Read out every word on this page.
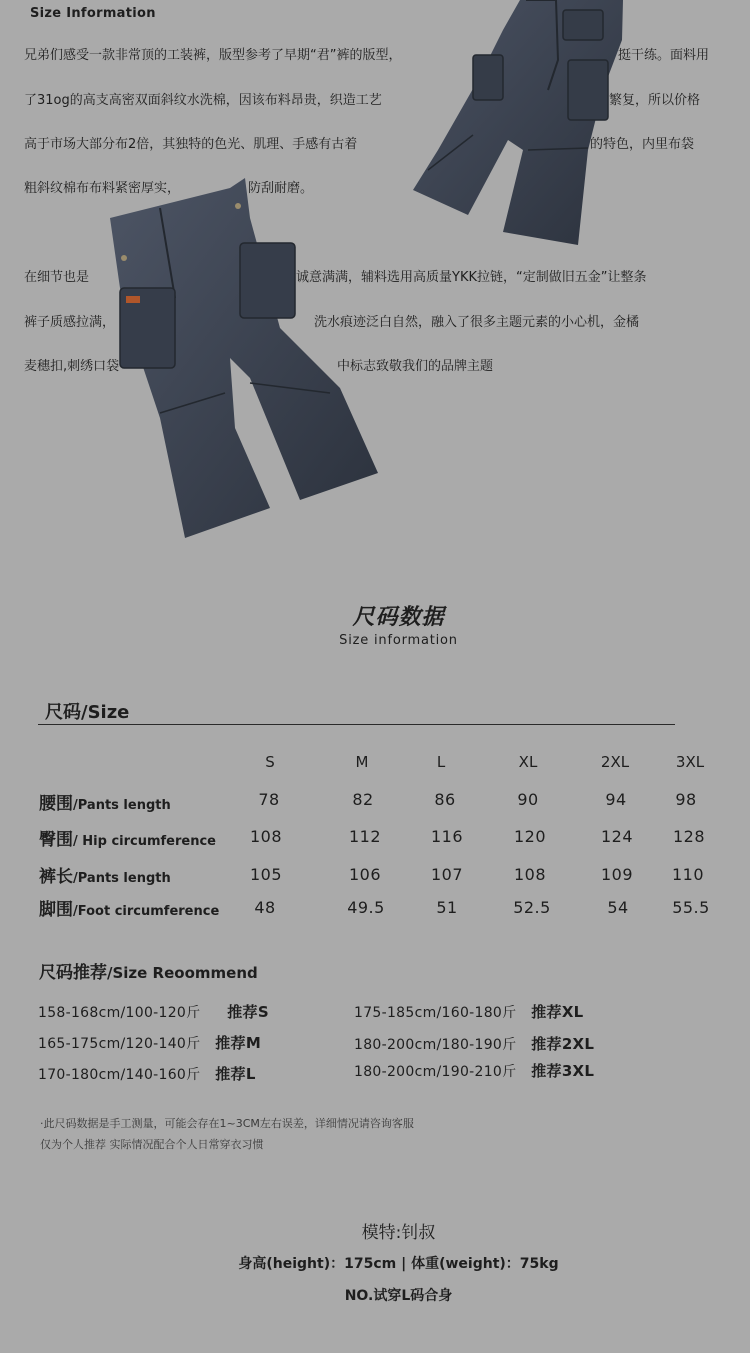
Size Information
兄弟们感受一款非常顶的工装裤，版型参考了早期“君”裤的版型，	挺干练。面料用
了31og的高支高密双面斜纹水洗棉，因该布料昂贵，织造工艺	繁复，所以价格
高于市场大部分布2倍，其独特的色光、肌理、手感有古着	的特色，内里布袋
粗斜纹棉布布料紧密厚实，	防刮耐磨。
在细节也是	诚意满满，辅料选用高质量YKK拉链，“定制做旧五金”让整条
裤子质感拉满，	洗水痕迹泛白自然，融入了很多主题元素的小心机，金橘
麦穗扣,刺绣口袋	中标志致敬我们的品牌主题
尺码数据
Size information
尺码/Size
S	M	L	XL	2XL	3XL
腰围/Pants length	78	82	86	90	94	98
臀围/ Hip circumference	108	112	116	120	124	128
裤长/Pants length	105	106	107	108	109	110
脚围/Foot circumference	48	49.5	51	52.5	54	55.5
尺码推荐/Size Reoommend
158-168cm/100-120斤 推荐S
165-175cm/120-140斤 推荐M
170-180cm/140-160斤 推荐L
175-185cm/160-180斤 推荐XL
180-200cm/180-190斤 推荐2XL
180-200cm/190-210斤 推荐3XL
·此尺码数据是手工测量，可能会存在1~3CM左右误差，详细情况请咨询客服
仅为个人推荐 实际情况配合个人日常穿衣习惯
模特:钊叔
身高(height)：175cm | 体重(weight)：75kg
NO.试穿L码合身
